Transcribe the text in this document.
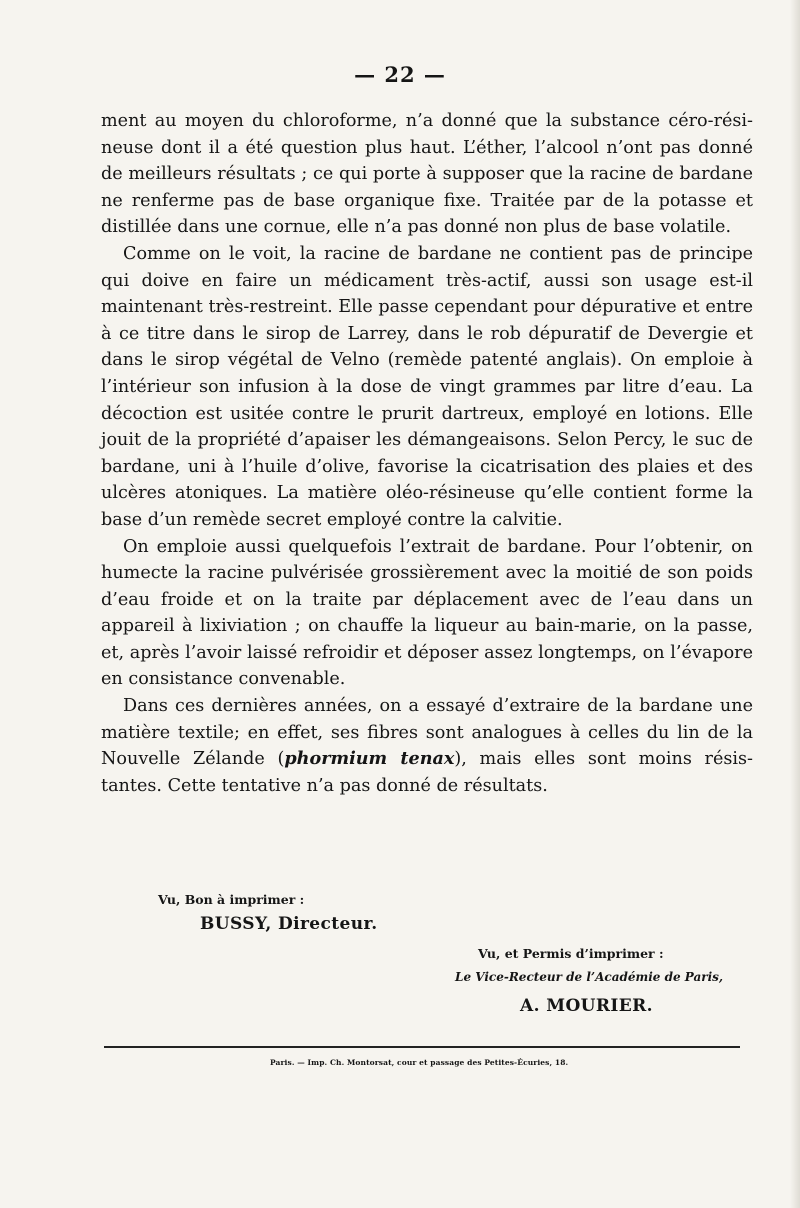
— 22 —

ment au moyen du chloroforme, n’a donné que la substance céro-rési-neuse dont il a été question plus haut. L’éther, l’alcool n’ont pas donné de meilleurs résultats ; ce qui porte à supposer que la racine de bardane ne renferme pas de base organique fixe. Traitée par de la potasse et distillée dans une cornue, elle n’a pas donné non plus de base volatile.

Comme on le voit, la racine de bardane ne contient pas de principe qui doive en faire un médicament très-actif, aussi son usage est-il maintenant très-restreint. Elle passe cependant pour dépurative et entre à ce titre dans le sirop de Larrey, dans le rob dépuratif de Devergie et dans le sirop végétal de Velno (remède patenté anglais). On emploie à l’intérieur son infusion à la dose de vingt grammes par litre d’eau. La décoction est usitée contre le prurit dartreux, employé en lotions. Elle jouit de la propriété d’apaiser les démangeaisons. Selon Percy, le suc de bardane, uni à l’huile d’olive, favorise la cicatrisation des plaies et des ulcères atoniques. La matière oléo-résineuse qu’elle contient forme la base d’un remède secret employé contre la calvitie.

On emploie aussi quelquefois l’extrait de bardane. Pour l’obtenir, on humecte la racine pulvérisée grossièrement avec la moitié de son poids d’eau froide et on la traite par déplacement avec de l’eau dans un appareil à lixiviation ; on chauffe la liqueur au bain-marie, on la passe, et, après l’avoir laissé refroidir et déposer assez longtemps, on l’évapore en consistance convenable.

Dans ces dernières années, on a essayé d’extraire de la bardane une matière textile; en effet, ses fibres sont analogues à celles du lin de la Nouvelle Zélande (phormium tenax), mais elles sont moins résis-tantes. Cette tentative n’a pas donné de résultats.

Vu, Bon à imprimer :
BUSSY, Directeur.
Vu, et Permis d’imprimer :
Le Vice-Recteur de l’Académie de Paris,
A. MOURIER.
Paris. — Imp. Ch. Montorsat, cour et passage des Petites-Écuries, 18.
